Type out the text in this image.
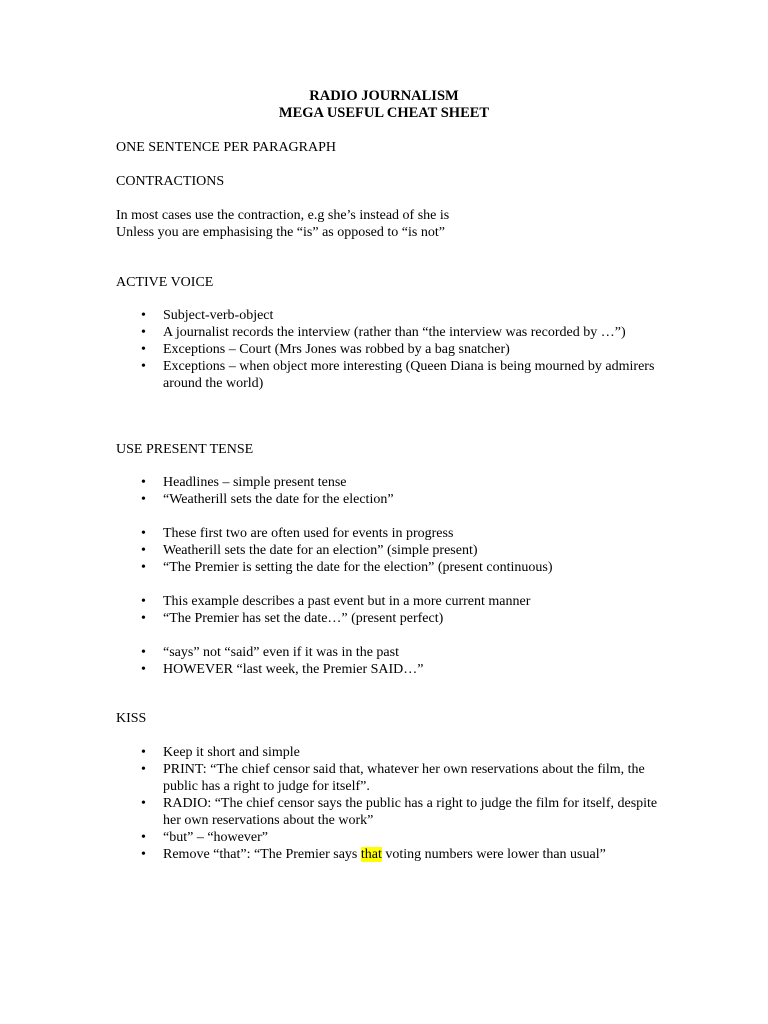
RADIO JOURNALISM
MEGA USEFUL CHEAT SHEET
ONE SENTENCE PER PARAGRAPH
CONTRACTIONS
In most cases use the contraction, e.g she’s instead of she is
Unless you are emphasising the “is” as opposed to “is not”
ACTIVE VOICE
• Subject-verb-object
• A journalist records the interview (rather than “the interview was recorded by …”)
• Exceptions – Court (Mrs Jones was robbed by a bag snatcher)
• Exceptions – when object more interesting (Queen Diana is being mourned by admirers around the world)
USE PRESENT TENSE
• Headlines – simple present tense
• “Weatherill sets the date for the election”
• These first two are often used for events in progress
• Weatherill sets the date for an election” (simple present)
• “The Premier is setting the date for the election” (present continuous)
• This example describes a past event but in a more current manner
• “The Premier has set the date…” (present perfect)
• “says” not “said” even if it was in the past
• HOWEVER “last week, the Premier SAID…”
KISS
• Keep it short and simple
• PRINT: “The chief censor said that, whatever her own reservations about the film, the public has a right to judge for itself”.
• RADIO: “The chief censor says the public has a right to judge the film for itself, despite her own reservations about the work”
• “but” – “however”
• Remove “that”: “The Premier says that voting numbers were lower than usual”
